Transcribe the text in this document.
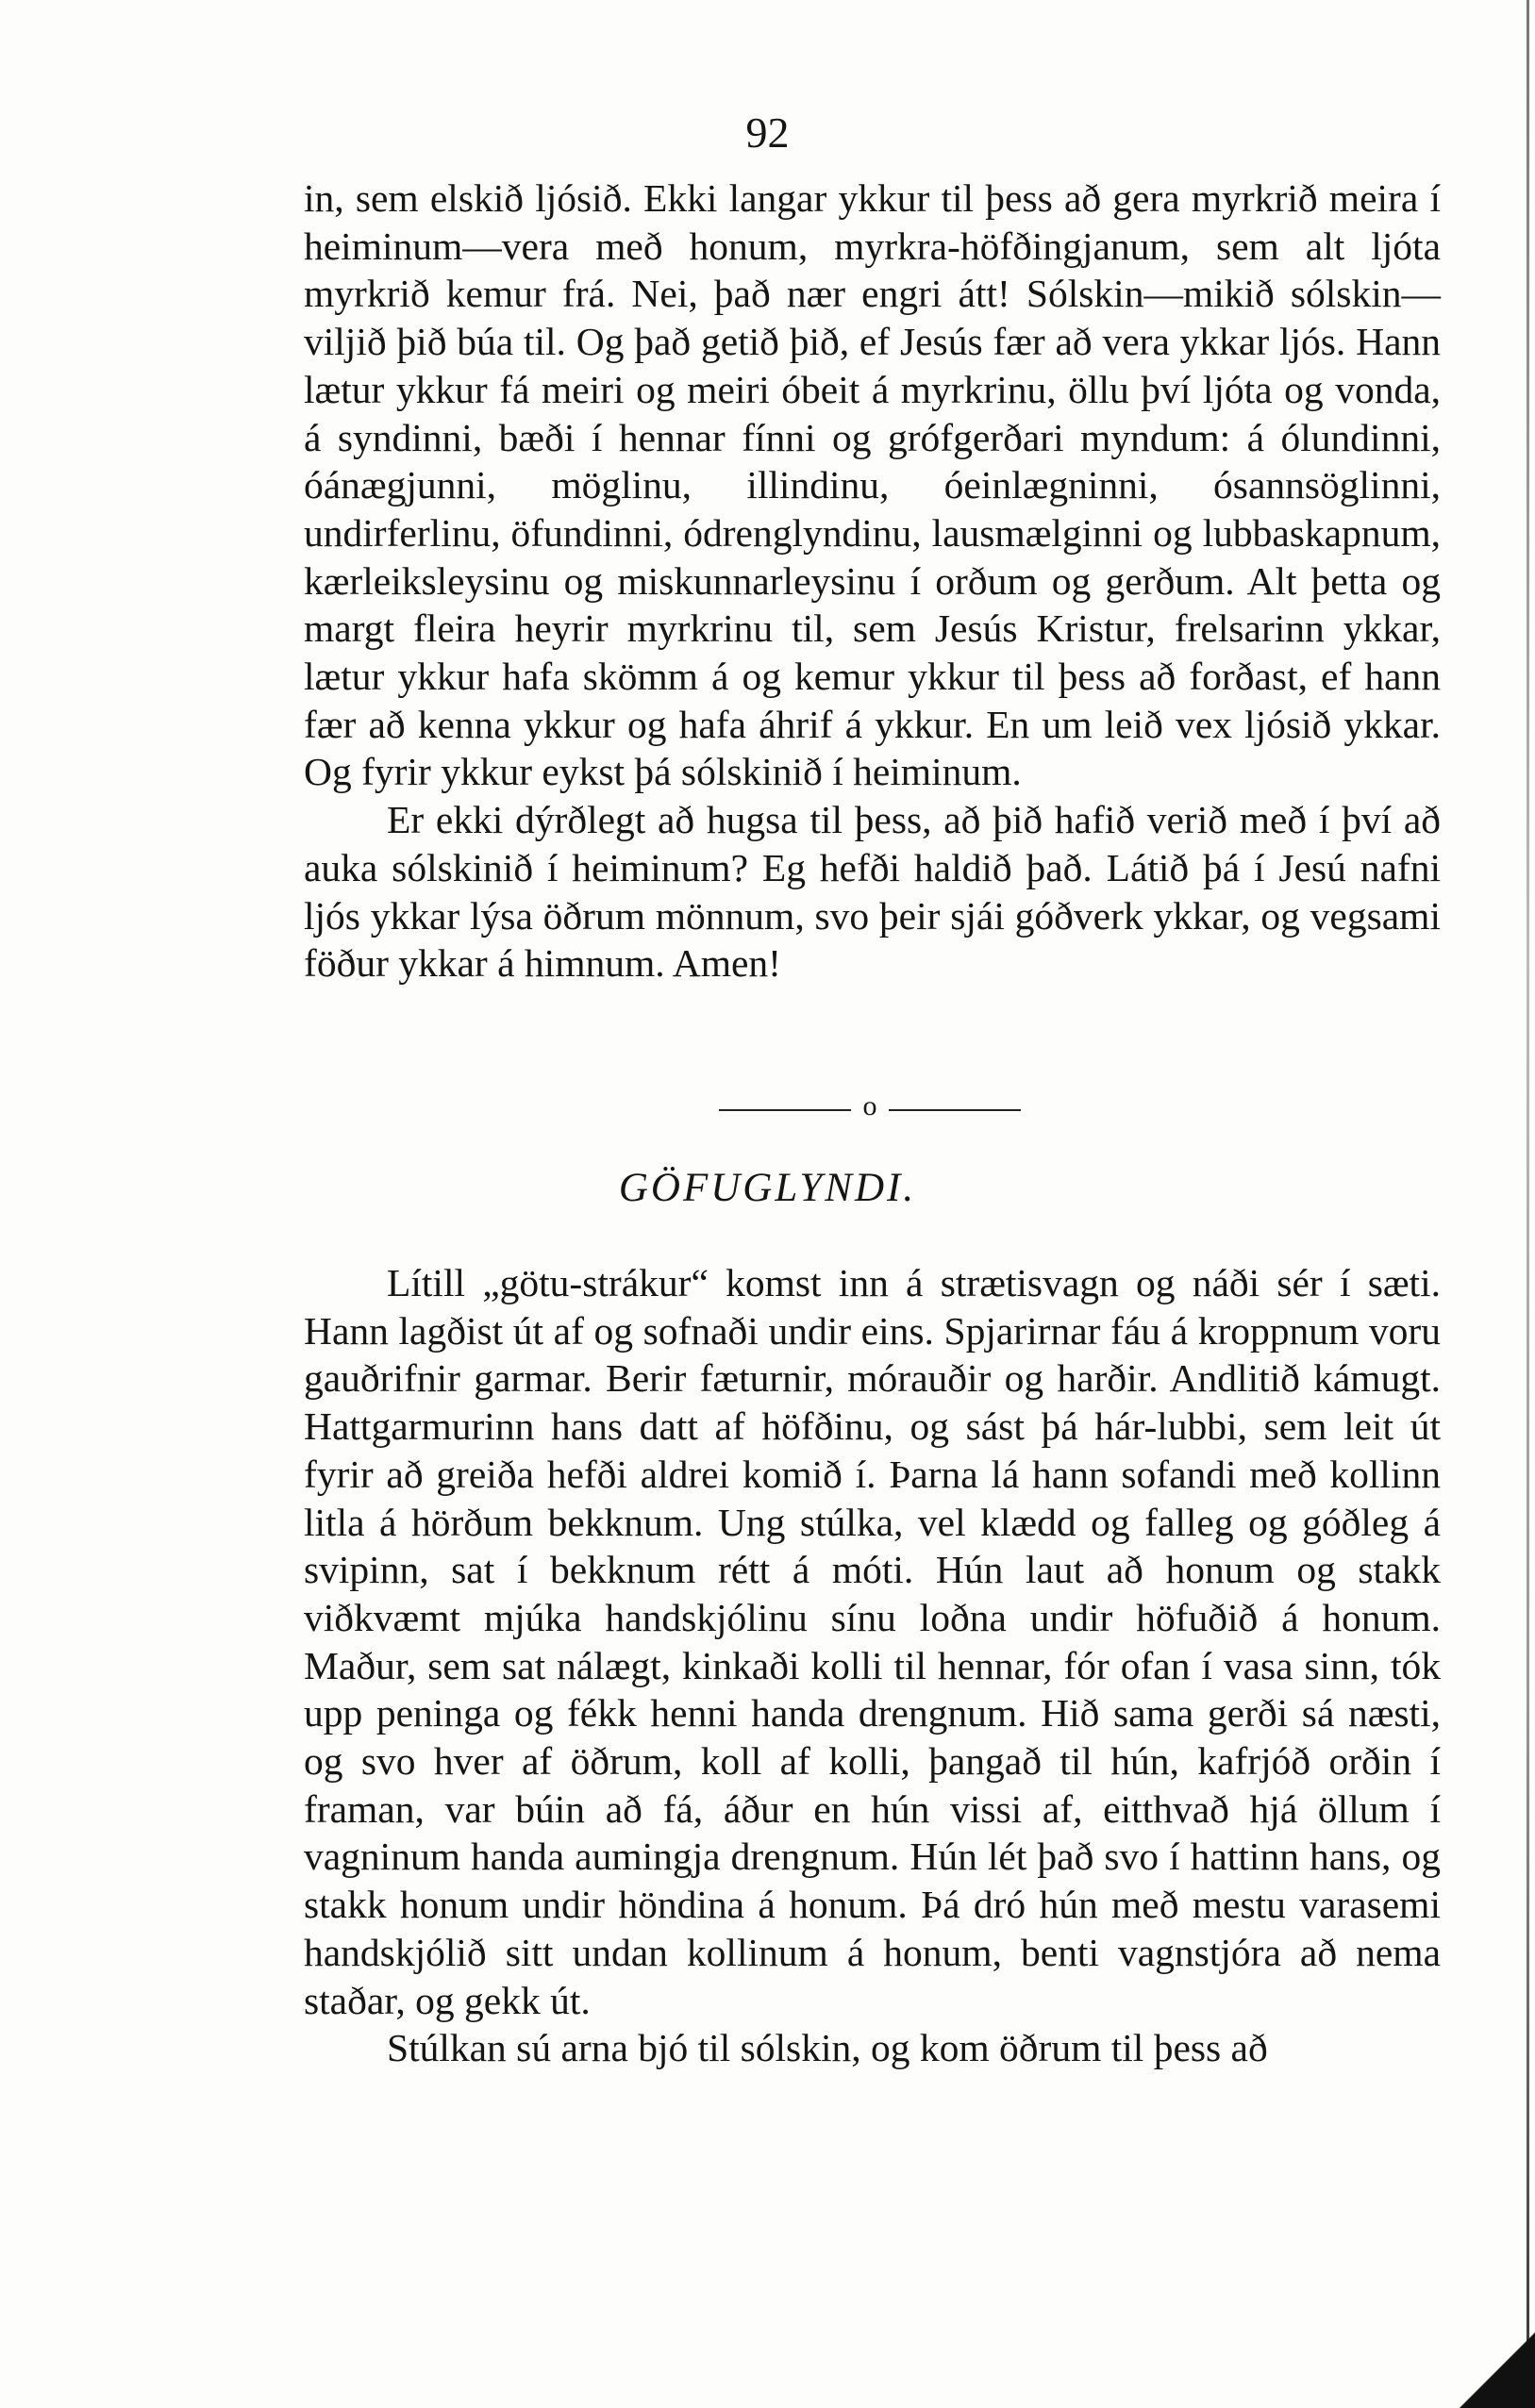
92

in, sem elskið ljósið. Ekki langar ykkur til þess að gera myrkrið meira í heiminum—vera með honum, myrkra-höfðingjanum, sem alt ljóta myrkrið kemur frá. Nei, það nær engri átt! Sólskin—mikið sólskin—viljið þið búa til. Og það getið þið, ef Jesús fær að vera ykkar ljós. Hann lætur ykkur fá meiri og meiri óbeit á myrkrinu, öllu því ljóta og vonda, á syndinni, bæði í hennar fínni og grófgerðari myndum: á ólundinni, óánægjunni, möglinu, illindinu, óeinlægninni, ósannsöglinni, undirferlinu, öfundinni, ódrenglyndinu, lausmælginni og lubbaskapnum, kærleiksleysinu og miskunnarleysinu í orðum og gerðum. Alt þetta og margt fleira heyrir myrkrinu til, sem Jesús Kristur, frelsarinn ykkar, lætur ykkur hafa skömm á og kemur ykkur til þess að forðast, ef hann fær að kenna ykkur og hafa áhrif á ykkur. En um leið vex ljósið ykkar. Og fyrir ykkur eykst þá sólskinið í heiminum.

Er ekki dýrðlegt að hugsa til þess, að þið hafið verið með í því að auka sólskinið í heiminum? Eg hefði haldið það. Látið þá í Jesú nafni ljós ykkar lýsa öðrum mönnum, svo þeir sjái góðverk ykkar, og vegsami föður ykkar á himnum. Amen!

o
GÖFUGLYNDI.

Lítill „götu-strákur“ komst inn á strætisvagn og náði sér í sæti. Hann lagðist út af og sofnaði undir eins. Spjarirnar fáu á kroppnum voru gauðrifnir garmar. Berir fæturnir, mórauðir og harðir. Andlitið kámugt. Hattgarmurinn hans datt af höfðinu, og sást þá hár-lubbi, sem leit út fyrir að greiða hefði aldrei komið í. Þarna lá hann sofandi með kollinn litla á hörðum bekknum. Ung stúlka, vel klædd og falleg og góðleg á svipinn, sat í bekknum rétt á móti. Hún laut að honum og stakk viðkvæmt mjúka handskjólinu sínu loðna undir höfuðið á honum. Maður, sem sat nálægt, kinkaði kolli til hennar, fór ofan í vasa sinn, tók upp peninga og fékk henni handa drengnum. Hið sama gerði sá næsti, og svo hver af öðrum, koll af kolli, þangað til hún, kafrjóð orðin í framan, var búin að fá, áður en hún vissi af, eitthvað hjá öllum í vagninum handa aumingja drengnum. Hún lét það svo í hattinn hans, og stakk honum undir höndina á honum. Þá dró hún með mestu varasemi handskjólið sitt undan kollinum á honum, benti vagnstjóra að nema staðar, og gekk út.

Stúlkan sú arna bjó til sólskin, og kom öðrum til þess að
